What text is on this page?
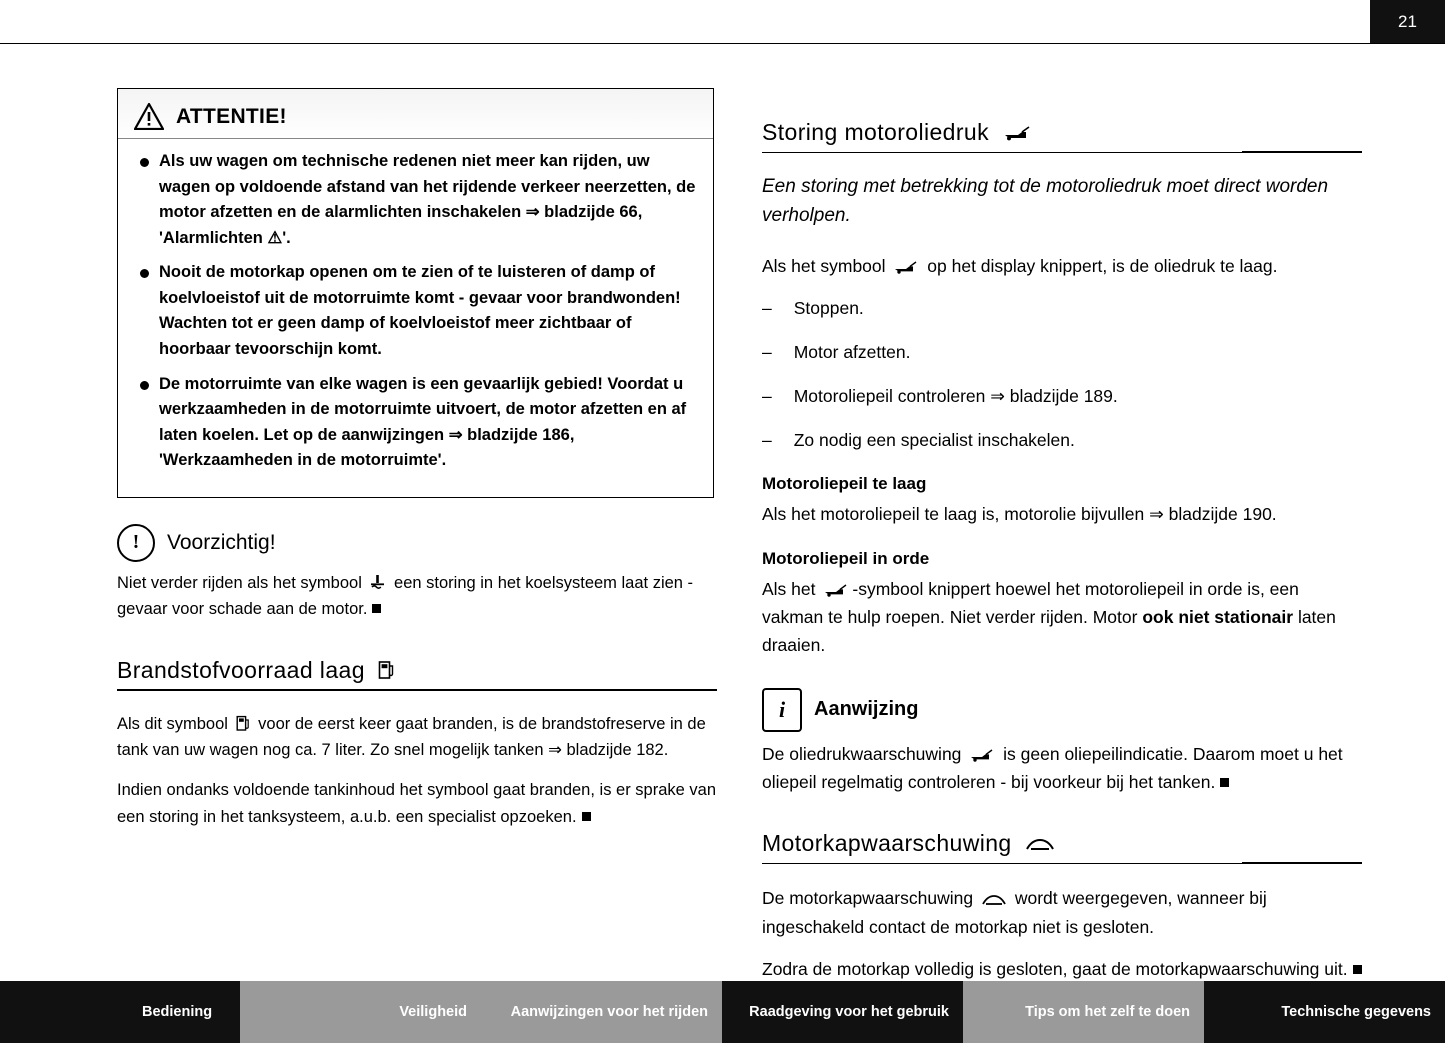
21
ATTENTIE!

Als uw wagen om technische redenen niet meer kan rijden, uw wagen op voldoende afstand van het rijdende verkeer neerzetten, de motor afzetten en de alarmlichten inschakelen ⇒ bladzijde 66, 'Alarmlichten ⚠'.

Nooit de motorkap openen om te zien of te luisteren of damp of koelvloeistof uit de motorruimte komt - gevaar voor brandwonden! Wachten tot er geen damp of koelvloeistof meer zichtbaar of hoorbaar tevoorschijn komt.

De motorruimte van elke wagen is een gevaarlijk gebied! Voordat u werkzaamheden in de motorruimte uitvoert, de motor afzetten en af laten koelen. Let op de aanwijzingen ⇒ bladzijde 186, 'Werkzaamheden in de motorruimte'.

!	Voorzichtig!

Niet verder rijden als het symbool een storing in het koelsysteem laat zien - gevaar voor schade aan de motor.

Brandstofvoorraad laag

Als dit symbool voor de eerst keer gaat branden, is de brandstofreserve in de tank van uw wagen nog ca. 7 liter. Zo snel mogelijk tanken ⇒ bladzijde 182.

Indien ondanks voldoende tankinhoud het symbool gaat branden, is er sprake van een storing in het tanksysteem, a.u.b. een specialist opzoeken.

Storing motoroliedruk

Een storing met betrekking tot de motoroliedruk moet direct worden verholpen.

Als het symbool op het display knippert, is de oliedruk te laag.

– Stoppen.
– Motor afzetten.
– Motoroliepeil controleren ⇒ bladzijde 189.
– Zo nodig een specialist inschakelen.
Motoroliepeil te laag

Als het motoroliepeil te laag is, motorolie bijvullen ⇒ bladzijde 190.

Motoroliepeil in orde

Als het -symbool knippert hoewel het motoroliepeil in orde is, een vakman te hulp roepen. Niet verder rijden. Motor ook niet stationair laten draaien.

i	Aanwijzing

De oliedrukwaarschuwing is geen oliepeilindicatie. Daarom moet u het oliepeil regelmatig controleren - bij voorkeur bij het tanken.

Motorkapwaarschuwing

De motorkapwaarschuwing wordt weergegeven, wanneer bij ingeschakeld contact de motorkap niet is gesloten.

Zodra de motorkap volledig is gesloten, gaat de motorkapwaarschuwing uit.

Bediening	Veiligheid	Aanwijzingen voor het rijden	Raadgeving voor het gebruik	Tips om het zelf te doen	Technische gegevens
